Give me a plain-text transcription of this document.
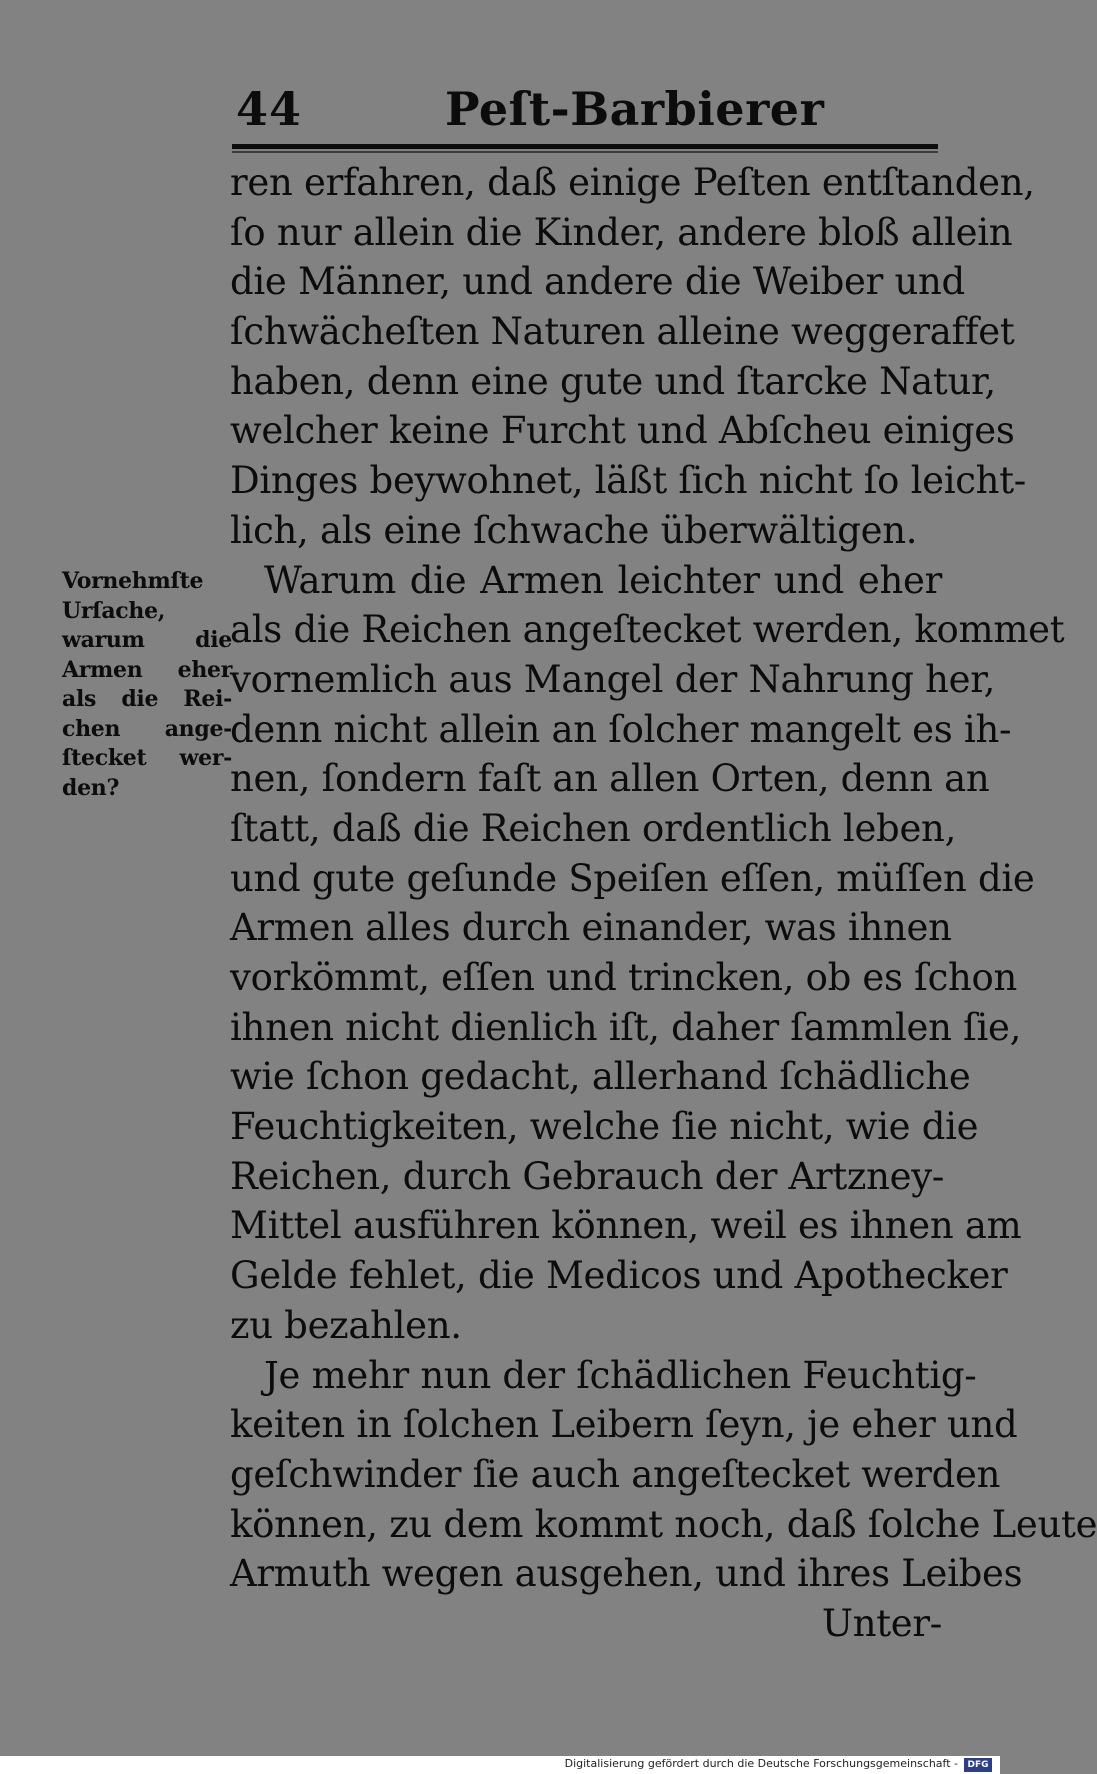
44	Peſt-Barbierer
ren erfahren, daß einige Peſten entſtanden,
ſo nur allein die Kinder, andere bloß allein
die Männer, und andere die Weiber und
ſchwächeſten Naturen alleine weggeraffet
haben, denn eine gute und ſtarcke Natur,
welcher keine Furcht und Abſcheu einiges
Dinges beywohnet, läßt ſich nicht ſo leicht-
lich, als eine ſchwache überwältigen.
Warum die Armen leichter und eher
als die Reichen angeſtecket werden, kommet
vornemlich aus Mangel der Nahrung her,
denn nicht allein an ſolcher mangelt es ih-
nen, ſondern faſt an allen Orten, denn an
ſtatt, daß die Reichen ordentlich leben,
und gute geſunde Speiſen eſſen, müſſen die
Armen alles durch einander, was ihnen
vorkömmt, eſſen und trincken, ob es ſchon
ihnen nicht dienlich iſt, daher ſammlen ſie,
wie ſchon gedacht, allerhand ſchädliche
Feuchtigkeiten, welche ſie nicht, wie die
Reichen, durch Gebrauch der Artzney-
Mittel ausführen können, weil es ihnen am
Gelde fehlet, die Medicos und Apothecker
zu bezahlen.
Je mehr nun der ſchädlichen Feuchtig-
keiten in ſolchen Leibern ſeyn, je eher und
geſchwinder ſie auch angeſtecket werden
können, zu dem kommt noch, daß ſolche Leute
Armuth wegen ausgehen, und ihres Leibes
Unter-
Vornehmſte
Urſache,
warum die
Armen eher
als die Rei-
chen ange-
ſtecket wer-
den?
Digitalisierung gefördert durch die Deutsche Forschungsgemeinschaft -	DFG
